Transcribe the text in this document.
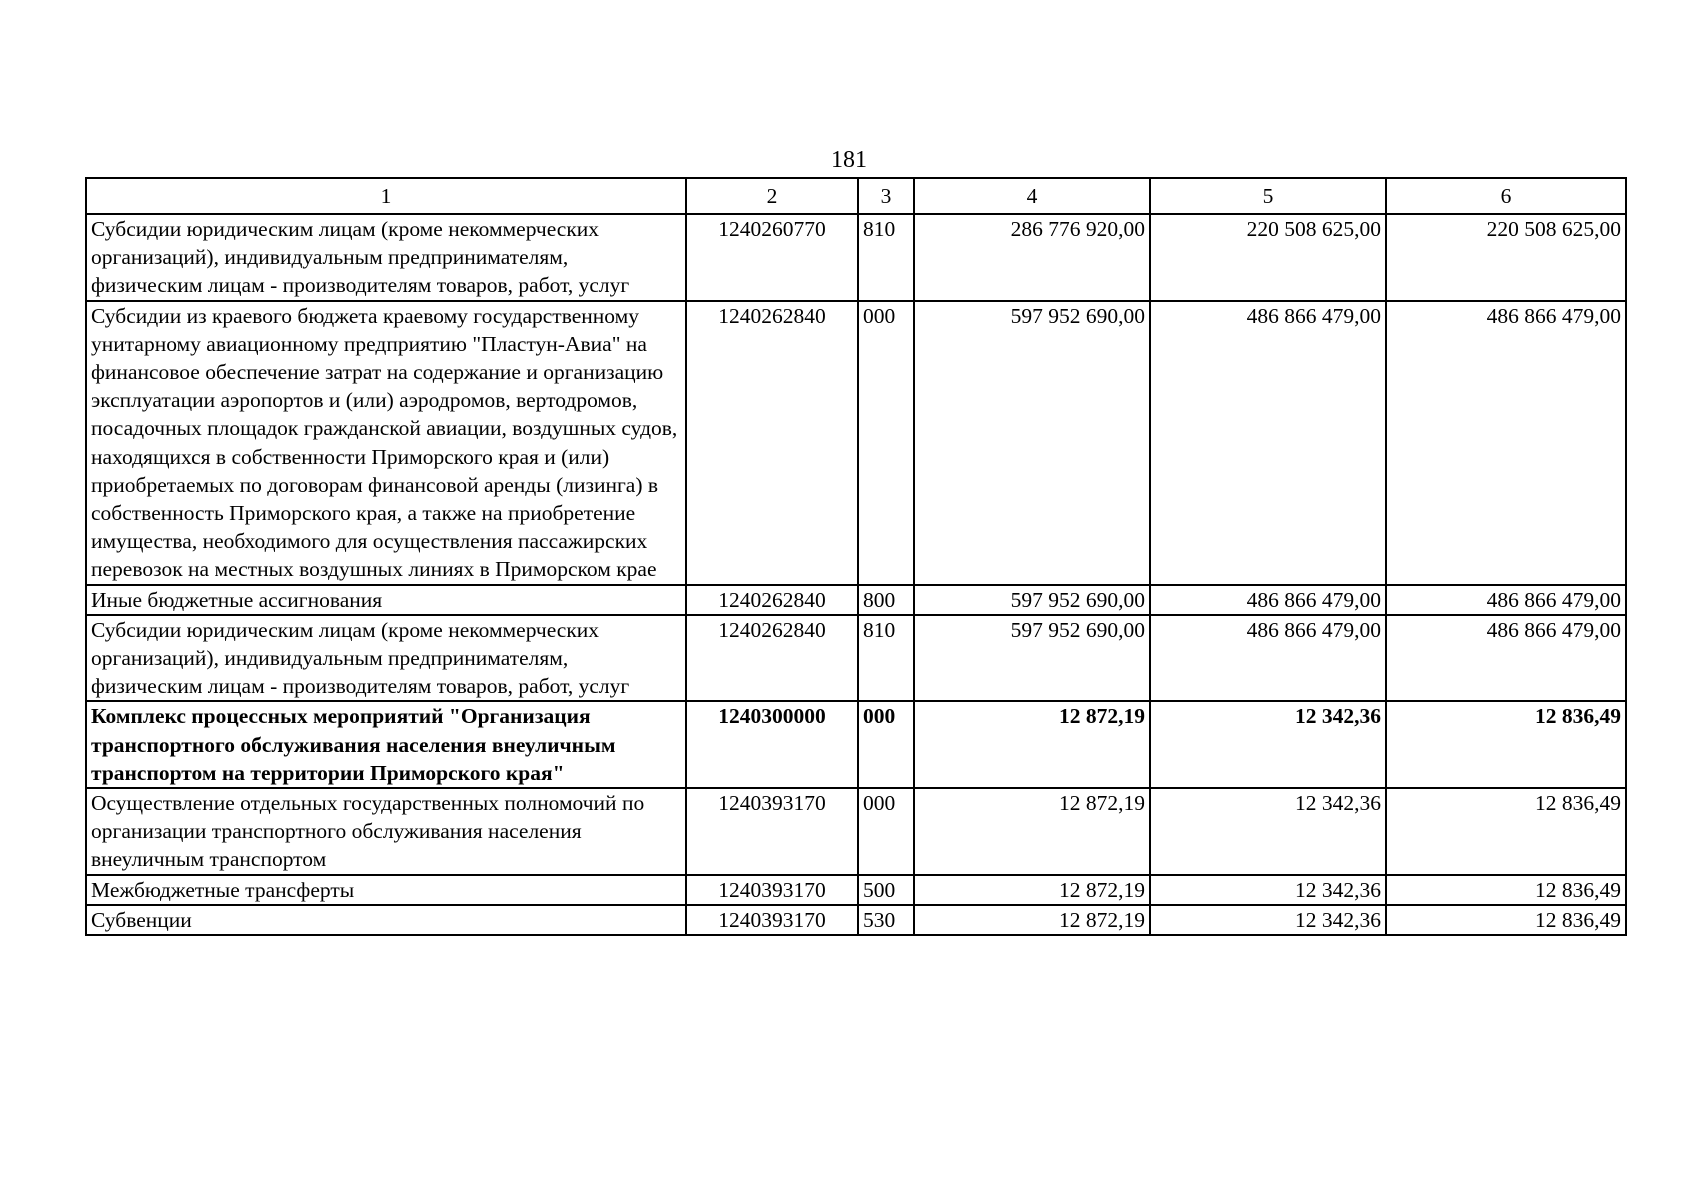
181
1	2	3	4	5	6
Субсидии юридическим лицам (кроме некоммерческих организаций), индивидуальным предпринимателям, физическим лицам - производителям товаров, работ, услуг	1240260770	810	286 776 920,00	220 508 625,00	220 508 625,00
Субсидии из краевого бюджета краевому государственному унитарному авиационному предприятию "Пластун-Авиа" на финансовое обеспечение затрат на содержание и организацию эксплуатации аэропортов и (или) аэродромов, вертодромов, посадочных площадок гражданской авиации, воздушных судов, находящихся в собственности Приморского края и (или) приобретаемых по договорам финансовой аренды (лизинга) в собственность Приморского края, а также на приобретение имущества, необходимого для осуществления пассажирских перевозок на местных воздушных линиях в Приморском крае	1240262840	000	597 952 690,00	486 866 479,00	486 866 479,00
Иные бюджетные ассигнования	1240262840	800	597 952 690,00	486 866 479,00	486 866 479,00
Субсидии юридическим лицам (кроме некоммерческих организаций), индивидуальным предпринимателям, физическим лицам - производителям товаров, работ, услуг	1240262840	810	597 952 690,00	486 866 479,00	486 866 479,00
Комплекс процессных мероприятий "Организация транспортного обслуживания населения внеуличным транспортом на территории Приморского края"	1240300000	000	12 872,19	12 342,36	12 836,49
Осуществление отдельных государственных полномочий по организации транспортного обслуживания населения внеуличным транспортом	1240393170	000	12 872,19	12 342,36	12 836,49
Межбюджетные трансферты	1240393170	500	12 872,19	12 342,36	12 836,49
Субвенции	1240393170	530	12 872,19	12 342,36	12 836,49
